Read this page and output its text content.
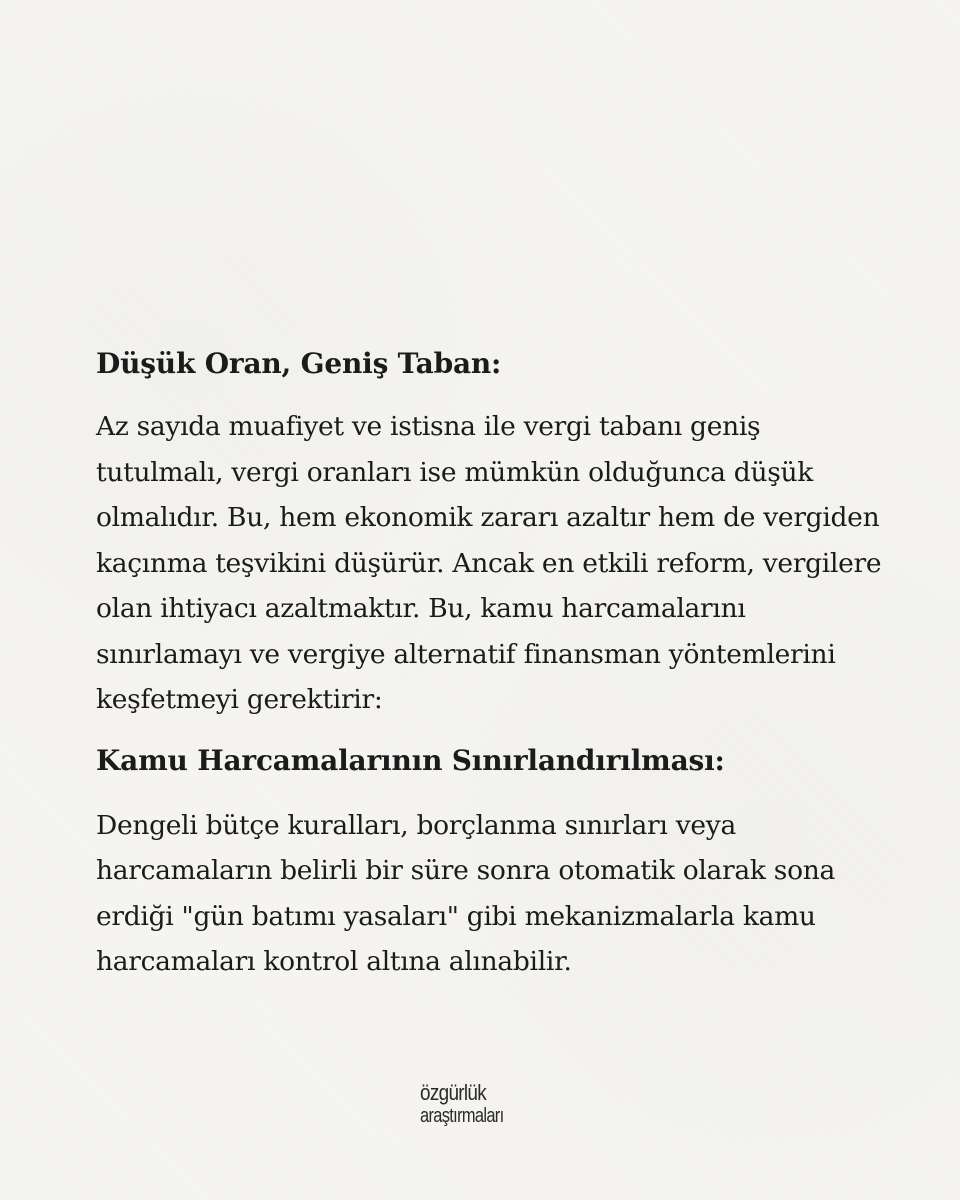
Düşük Oran, Geniş Taban:

Az sayıda muafiyet ve istisna ile vergi tabanı geniş tutulmalı, vergi oranları ise mümkün olduğunca düşük olmalıdır. Bu, hem ekonomik zararı azaltır hem de vergiden kaçınma teşvikini düşürür. Ancak en etkili reform, vergilere olan ihtiyacı azaltmaktır. Bu, kamu harcamalarını sınırlamayı ve vergiye alternatif finansman yöntemlerini keşfetmeyi gerektirir:

Kamu Harcamalarının Sınırlandırılması:

Dengeli bütçe kuralları, borçlanma sınırları veya harcamaların belirli bir süre sonra otomatik olarak sona erdiği "gün batımı yasaları" gibi mekanizmalarla kamu harcamaları kontrol altına alınabilir.

özgürlük
araştırmaları
